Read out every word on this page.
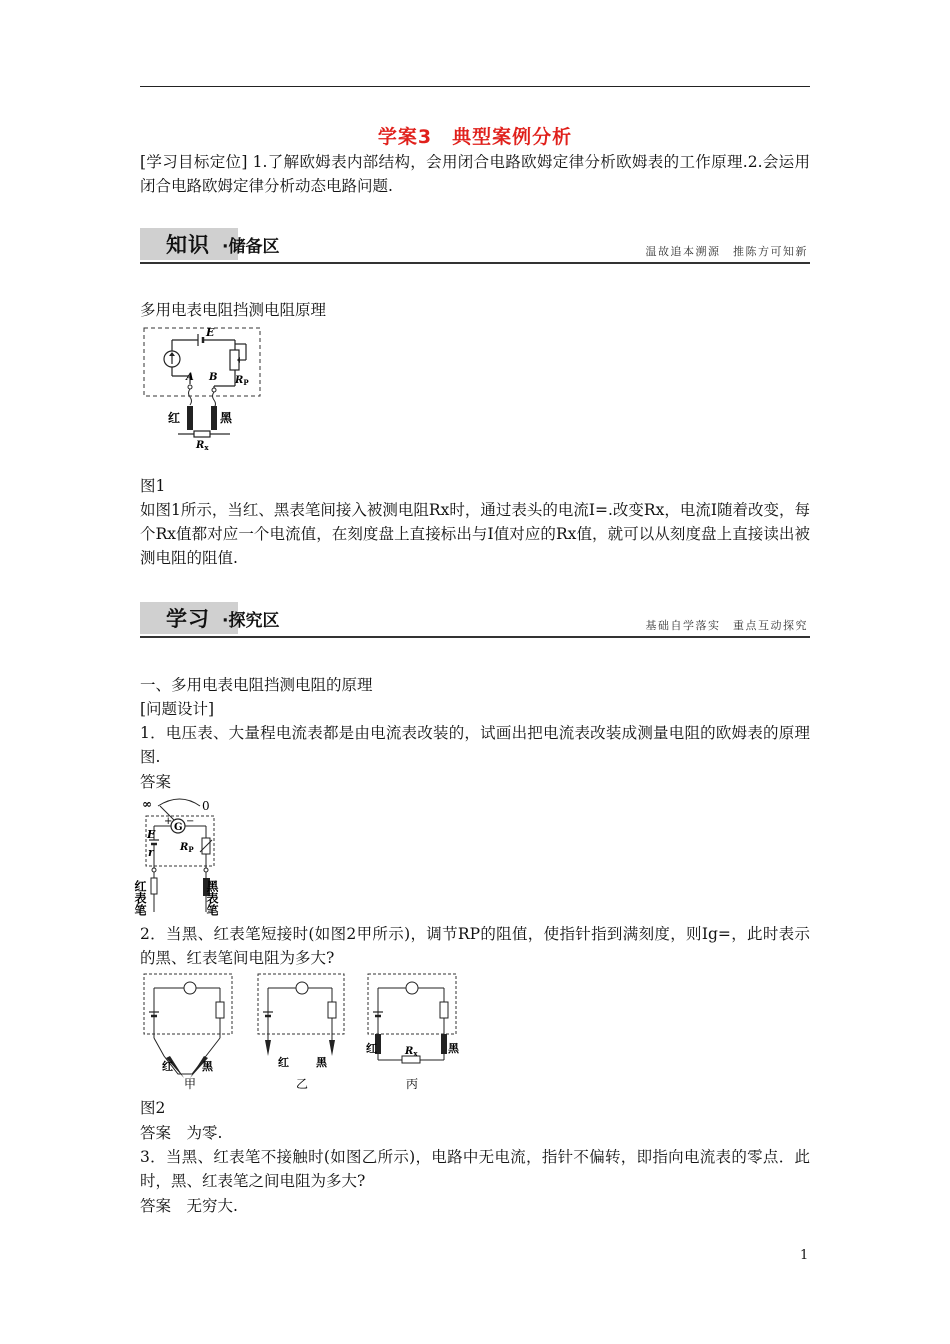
学案3　典型案例分析
[学习目标定位] 1.了解欧姆表内部结构，会用闭合电路欧姆定律分析欧姆表的工作原理.2.会运用闭合电路欧姆定律分析动态电路问题.
知识 ·储备区	温故追本溯源　推陈方可知新
多用电表电阻挡测电阻原理
E
$R_P$
A B
红	黑
$R_x$
图1
如图1所示，当红、黑表笔间接入被测电阻Rx时，通过表头的电流I=.改变Rx，电流I随着改变，每个Rx值都对应一个电流值，在刻度盘上直接标出与I值对应的Rx值，就可以从刻度盘上直接读出被测电阻的阻值.
学习 ·探究区	基础自学落实　重点互动探究
一、多用电表电阻挡测电阻的原理
[问题设计]
1．电压表、大量程电流表都是由电流表改装的，试画出把电流表改装成测量电阻的欧姆表的原理图.
答案
∞	0
G
+ −
E
r	$R_P$
红表笔	黑表笔
2．当黑、红表笔短接时(如图2甲所示)，调节RP的阻值，使指针指到满刻度，则Ig=，此时表示的黑、红表笔间电阻为多大?
红	黑
甲
红 黑
乙
红	黑
$R_x$
丙
图2
答案　为零.
3．当黑、红表笔不接触时(如图乙所示)，电路中无电流，指针不偏转，即指向电流表的零点．此时，黑、红表笔之间电阻为多大?
答案　无穷大.
1
